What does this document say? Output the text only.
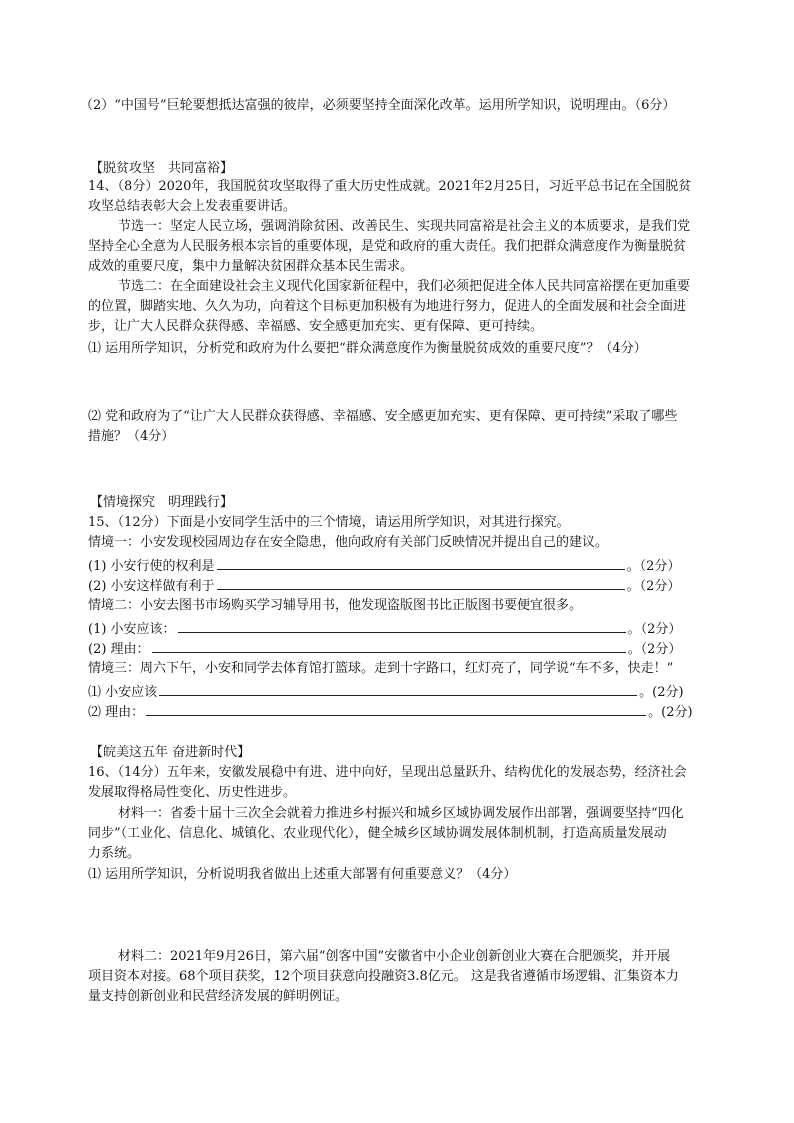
（2）“中国号”巨轮要想抵达富强的彼岸，必须要坚持全面深化改革。运用所学知识，说明理由。（6分）
【脱贫攻坚　共同富裕】
14、（8分）2020年，我国脱贫攻坚取得了重大历史性成就。2021年2月25日，习近平总书记在全国脱贫
攻坚总结表彰大会上发表重要讲话。
节选一：坚定人民立场，强调消除贫困、改善民生、实现共同富裕是社会主义的本质要求，是我们党
坚持全心全意为人民服务根本宗旨的重要体现，是党和政府的重大责任。我们把群众满意度作为衡量脱贫
成效的重要尺度，集中力量解决贫困群众基本民生需求。
节选二：在全面建设社会主义现代化国家新征程中，我们必须把促进全体人民共同富裕摆在更加重要
的位置，脚踏实地、久久为功，向着这个目标更加积极有为地进行努力，促进人的全面发展和社会全面进
步，让广大人民群众获得感、幸福感、安全感更加充实、更有保障、更可持续。
⑴ 运用所学知识，分析党和政府为什么要把“群众满意度作为衡量脱贫成效的重要尺度”？（4分）
⑵ 党和政府为了“让广大人民群众获得感、幸福感、安全感更加充实、更有保障、更可持续”采取了哪些
措施？（4分）
【情境探究　明理践行】
15、（12分）下面是小安同学生活中的三个情境，请运用所学知识，对其进行探究。
情境一：小安发现校园周边存在安全隐患，他向政府有关部门反映情况并提出自己的建议。
(1) 小安行使的权利是	。（2分）
(2) 小安这样做有利于	。（2分）
情境二：小安去图书市场购买学习辅导用书，他发现盗版图书比正版图书要便宜很多。
(1) 小安应该：	。（2分）
(2) 理由：	。（2分）
情境三：周六下午，小安和同学去体育馆打篮球。走到十字路口，红灯亮了，同学说“车不多，快走！”
⑴ 小安应该	。(2分)
⑵ 理由：	。(2分)
【皖美这五年 奋进新时代】
16、（14分）五年来，安徽发展稳中有进、进中向好，呈现出总量跃升、结构优化的发展态势，经济社会
发展取得格局性变化、历史性进步。
材料一：省委十届十三次全会就着力推进乡村振兴和城乡区域协调发展作出部署，强调要坚持“四化
同步”（工业化、信息化、城镇化、农业现代化），健全城乡区域协调发展体制机制，打造高质量发展动
力系统。
⑴ 运用所学知识，分析说明我省做出上述重大部署有何重要意义？（4分）
材料二：2021年9月26日，第六届“创客中国”安徽省中小企业创新创业大赛在合肥颁奖，并开展
项目资本对接。68个项目获奖，12个项目获意向投融资3.8亿元。 这是我省遵循市场逻辑、汇集资本力
量支持创新创业和民营经济发展的鲜明例证。
